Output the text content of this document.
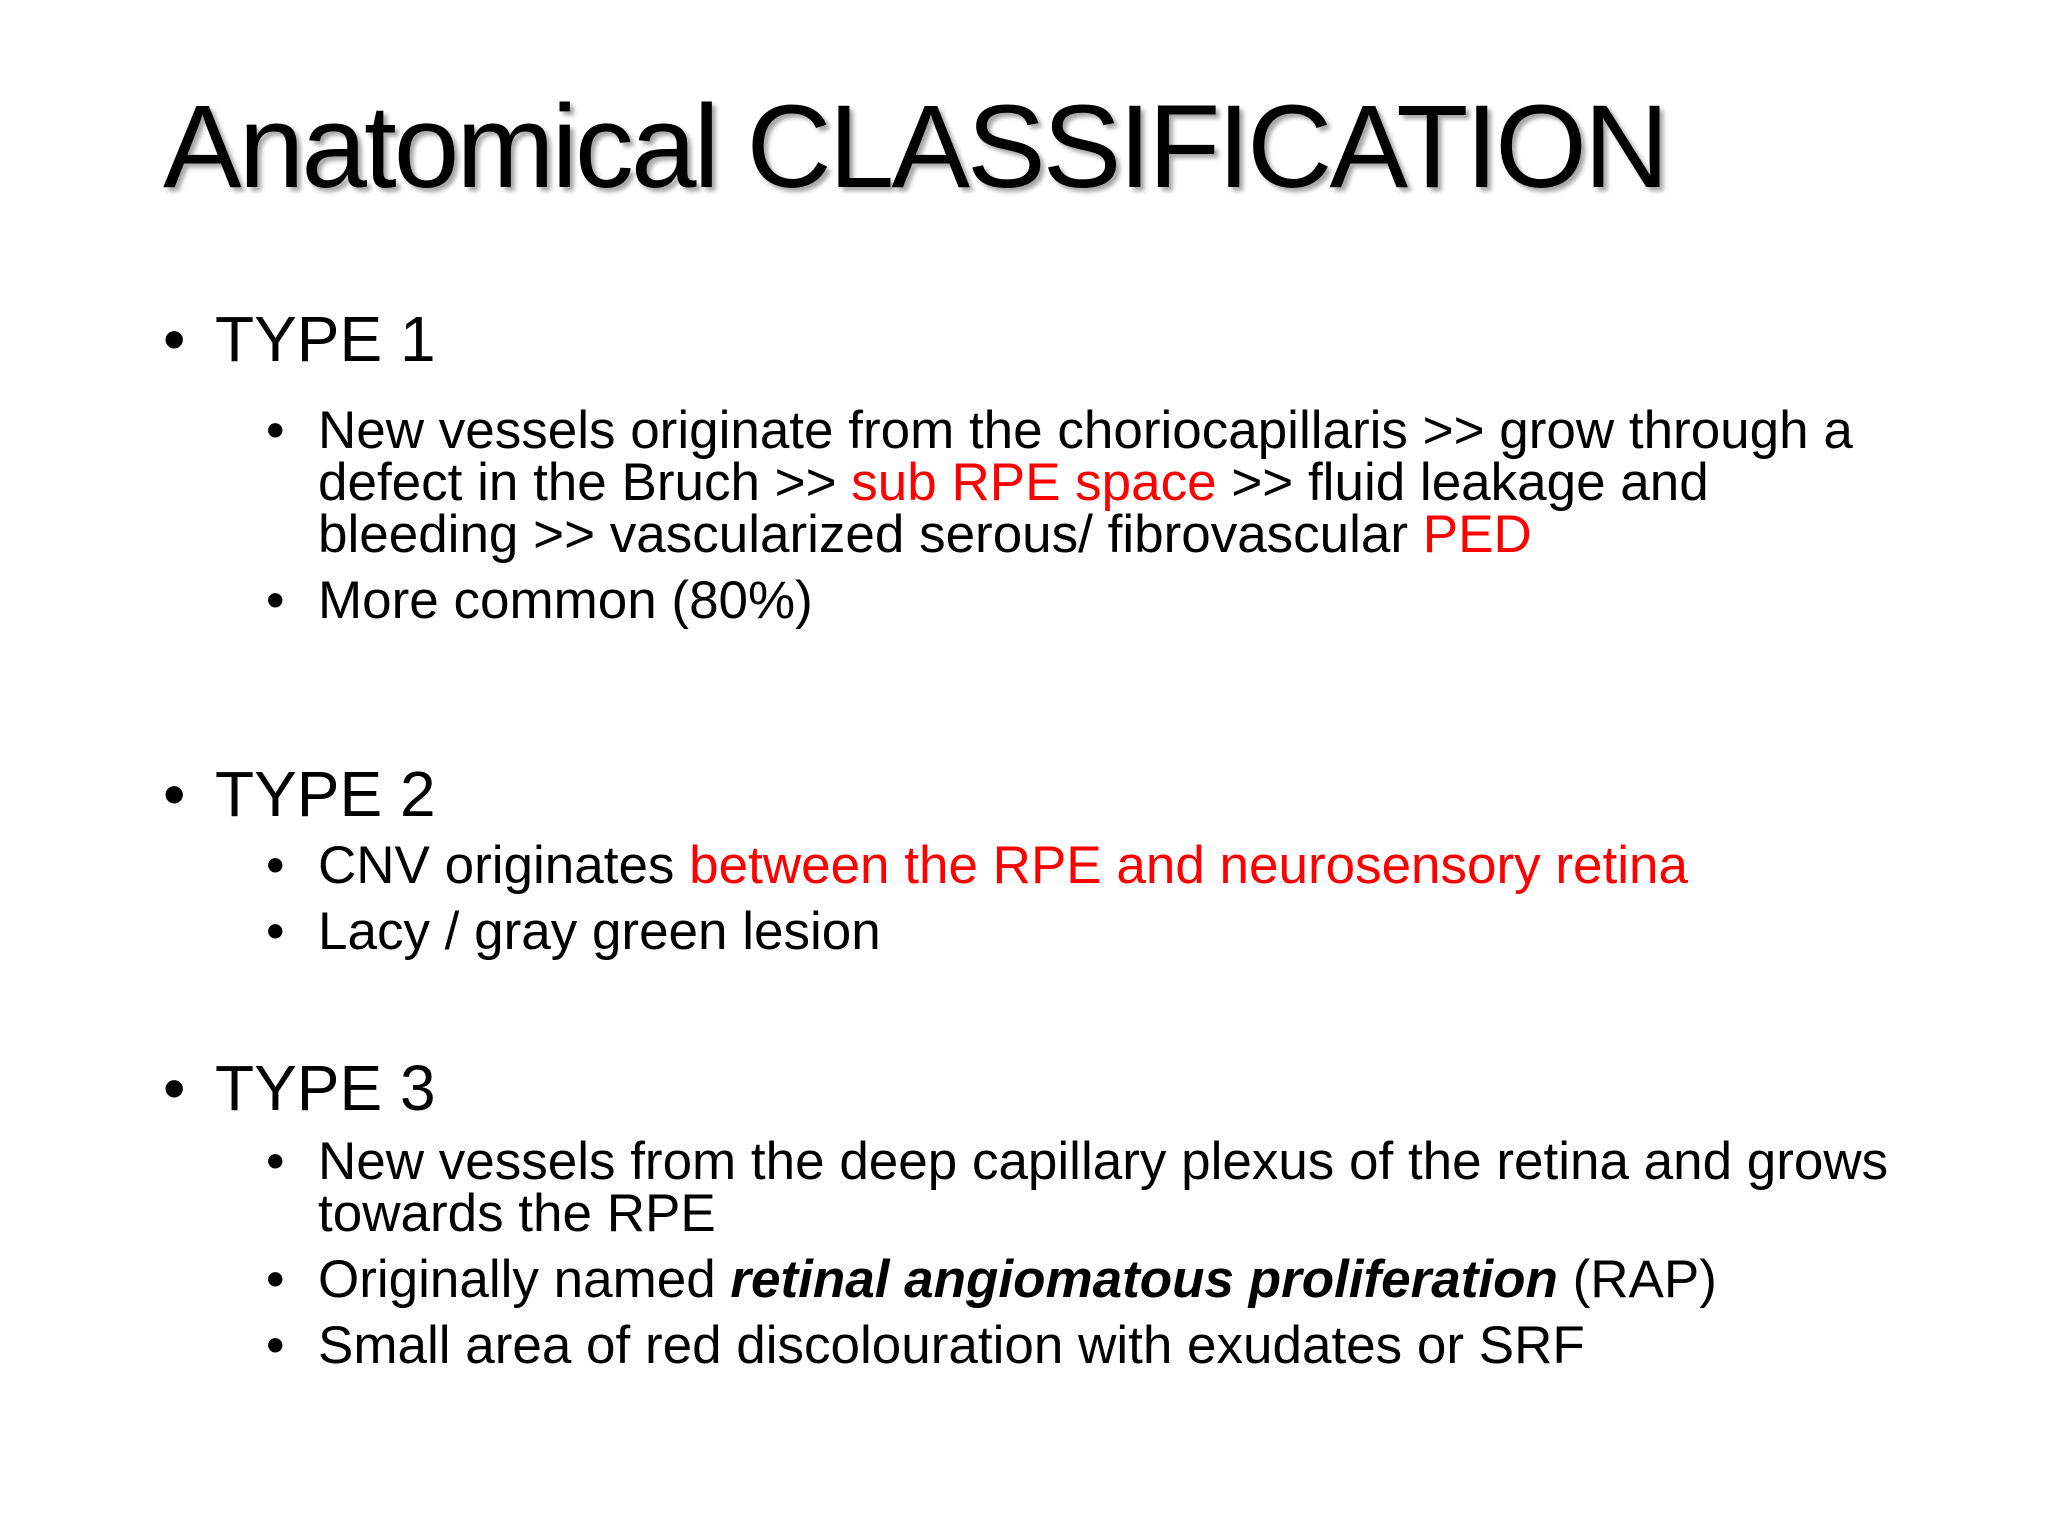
Anatomical CLASSIFICATION

• TYPE 1

• New vessels originate from the choriocapillaris >> grow through a defect in the Bruch >> sub RPE space >> fluid leakage and bleeding >> vascularized serous/ fibrovascular PED
• More common (80%)

• TYPE 2

• CNV originates between the RPE and neurosensory retina
• Lacy / gray green lesion

• TYPE 3

• New vessels from the deep capillary plexus of the retina and grows towards the RPE
• Originally named retinal angiomatous proliferation (RAP)
• Small area of red discolouration with exudates or SRF
